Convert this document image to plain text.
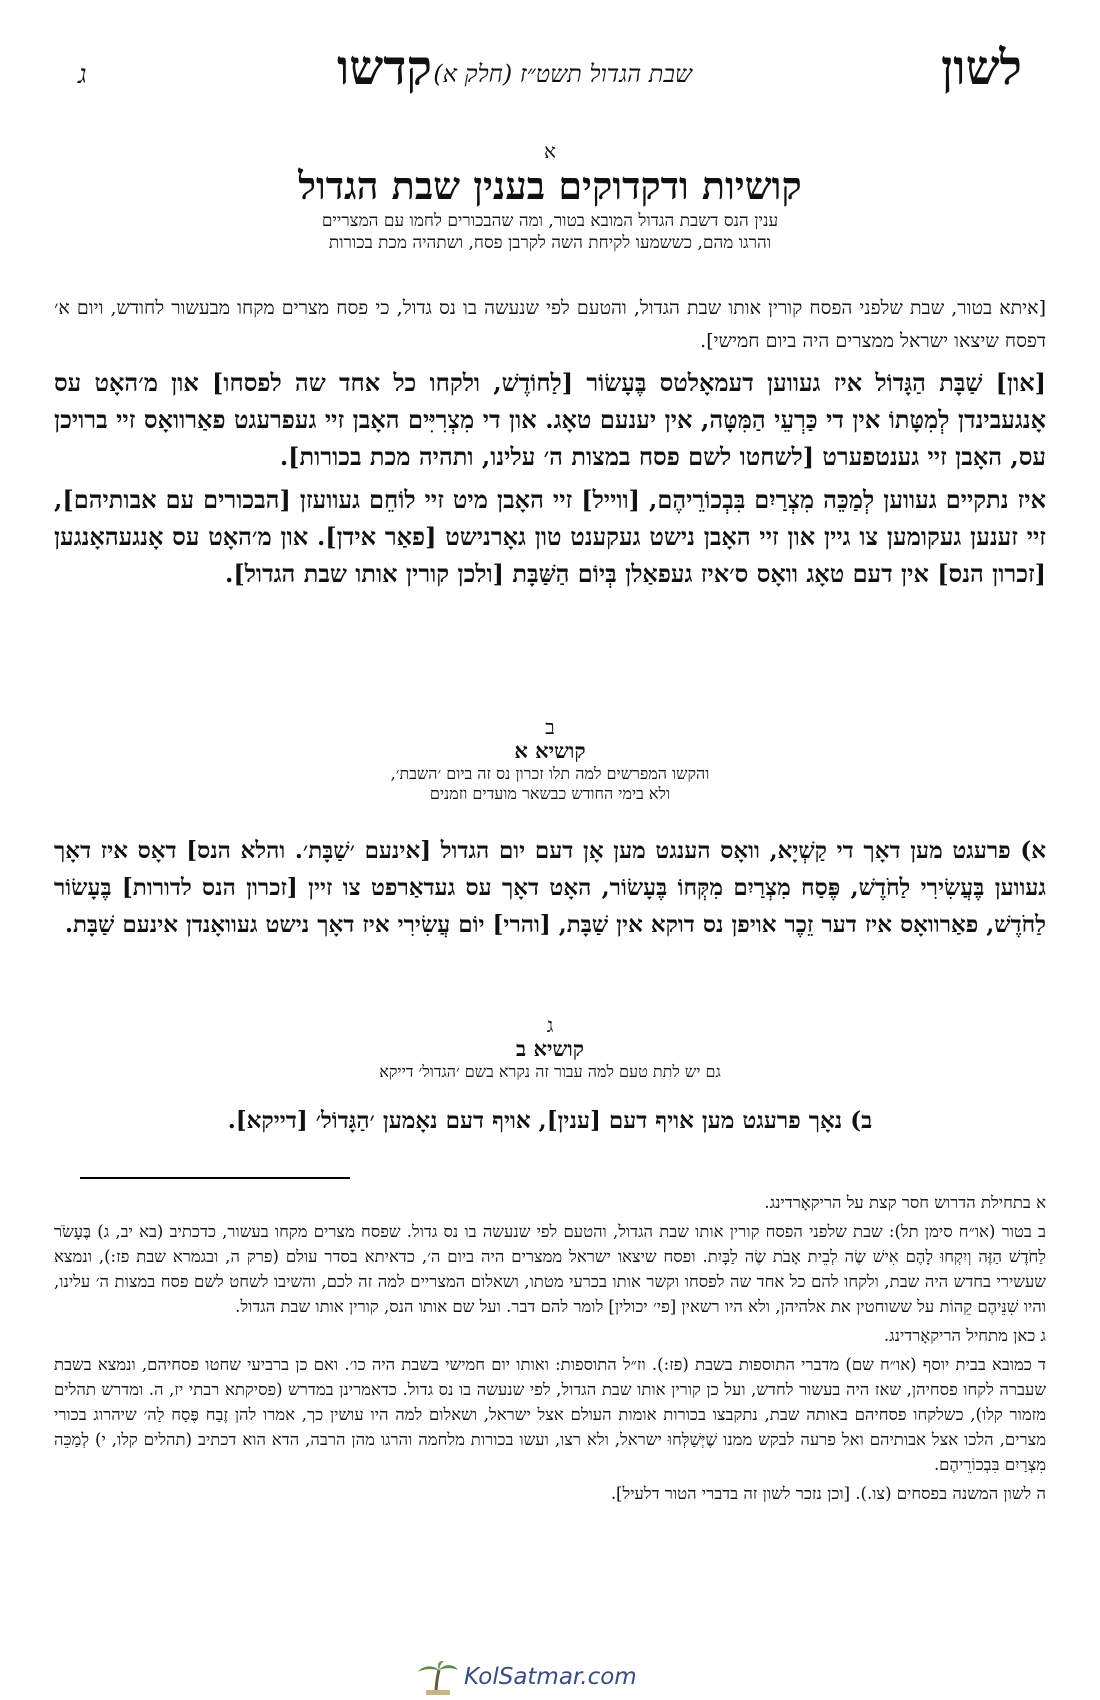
לשון
שבת הגדול תשט״ז (חלק א)
קדשו
ג

א

קושיות ודקדוקים בענין שבת הגדול

ענין הנס דשבת הגדול המובא בטור, ומה שהבכורים לחמו עם המצריים

והרגו מהם, כששמעו לקיחת השה לקרבן פסח, ושתהיה מכת בכורות

[איתא בטור, שבת שלפני הפסח קורין אותו שבת הגדול, והטעם לפי שנעשה בו נס גדול, כי פסח מצרים מקחו מבעשור לחודש, ויום א׳ דפסח שיצאו ישראל ממצרים היה ביום חמישי].

[און] שַׁבָּת הַגָּדוֹל איז געווען דעמאָלטס בֶּעָשׂוֹר [לַחוֹדֶשׁ, ולקחו כל אחד שה לפסחו] און מ׳האָט עס אָנגעבינדן לְמִטָּתוֹ אין די כַּרְעֵי הַמִּטָּה, אין יענעם טאָג. און די מִצְרִיִּים האָבן זיי געפרעגט פאַרוואָס זיי ברויכן עס, האָבן זיי גענטפערט [לשחטו לשם פסח במצות ה׳ עלינו, ותהיה מכת בכורות].

איז נתקיים געווען לְמַכֵּה מִצְרַיִם בִּבְכוֹרֵיהֶם, [ווייל] זיי האָבן מיט זיי לוֹחֵם געוועזן [הבכורים עם אבותיהם], זיי זענען געקומען צו גיין און זיי האָבן נישט געקענט טון גאָרנישט [פאַר אידן]. און מ׳האָט עס אָנגעהאָנגען [זכרון הנס] אין דעם טאָג וואָס ס׳איז געפאַלן בְּיוֹם הַשַּׁבָּת [ולכן קורין אותו שבת הגדול].

ב

קושיא א

והקשו המפרשים למה תלו זכרון נס זה ביום ׳השבת׳,

ולא בימי החודש כבשאר מועדים וזמנים

א) פרעגט מען דאָך די קַשְׁיָא, וואָס הענגט מען אָן דעם יום הגדול [אינעם ׳שַׁבָּת׳. והלא הנס] דאָס איז דאָך געווען בֶּעֲשִׂירִי לַחֹדֶשׁ, פֶּסַח מִצְרַיִם מִקְּחוֹ בֶּעָשׂוֹר, האָט דאָך עס געדאַרפט צו זיין [זכרון הנס לדורות] בֶּעָשׂוֹר לַחֹדֶשׁ, פאַרוואָס איז דער זֵכֶר אויפן נס דוקא אין שַׁבָּת, [והרי] יוֹם עֲשִׂירִי איז דאָך נישט געוואָנדן אינעם שַׁבָּת.

ג

קושיא ב

גם יש לתת טעם למה עבור זה נקרא בשם ׳הגדול׳ דייקא

ב) נאָך פרעגט מען אויף דעם [ענין], אויף דעם נאָמען ׳הַגָּדוֹל׳ [דייקא].

א בתחילת הדרוש חסר קצת על הריקאָרדינג.

ב בטור (או״ח סימן תל): שבת שלפני הפסח קורין אותו שבת הגדול, והטעם לפי שנעשה בו נס גדול. שפסח מצרים מקחו בעשור, כדכתיב (בא יב, ג) בֶּעָשֹׂר לַחֹדֶשׁ הַזֶּה וְיִקְחוּ לָהֶם אִישׁ שֶׂה לְבֵית אָבֹת שֶׂה לַבָּיִת. ופסח שיצאו ישראל ממצרים היה ביום ה׳, כדאיתא בסדר עולם (פרק ה, ובגמרא שבת פז:), ונמצא שעשירי בחדש היה שבת, ולקחו להם כל אחד שה לפסחו וקשר אותו בכרעי מטתו, ושאלום המצריים למה זה לכם, והשיבו לשחט לשם פסח במצות ה׳ עלינו, והיו שִׁנֵּיהֶם קֵהוֹת על ששוחטין את אלהיהן, ולא היו רשאין [פי׳ יכולין] לומר להם דבר. ועל שם אותו הנס, קורין אותו שבת הגדול.

ג כאן מתחיל הריקאָרדינג.

ד כמובא בבית יוסף (או״ח שם) מדברי התוספות בשבת (פז:). וז״ל התוספות: ואותו יום חמישי בשבת היה כו׳. ואם כן ברביעי שחטו פסחיהם, ונמצא בשבת שעברה לקחו פסחיהן, שאז היה בעשור לחדש, ועל כן קורין אותו שבת הגדול, לפי שנעשה בו נס גדול. כדאמרינן במדרש (פסיקתא רבתי יז, ה. ומדרש תהלים מזמור קלו), כשלקחו פסחיהם באותה שבת, נתקבצו בכורות אומות העולם אצל ישראל, ושאלום למה היו עושין כך, אמרו להן זֶבַח פֶּסַח לַה׳ שיהרוג בכורי מצרים, הלכו אצל אבותיהם ואל פרעה לבקש ממנו שֶׁיְּשַׁלְּחוּ ישראל, ולא רצו, ועשו בכורות מלחמה והרגו מהן הרבה, הדא הוא דכתיב (תהלים קלו, י) לְמַכֵּה מִצְרַיִם בִּבְכוֹרֵיהֶם.

ה לשון המשנה בפסחים (צו.). [וכן נזכר לשון זה בדברי הטור דלעיל].

KolSatmar.com
